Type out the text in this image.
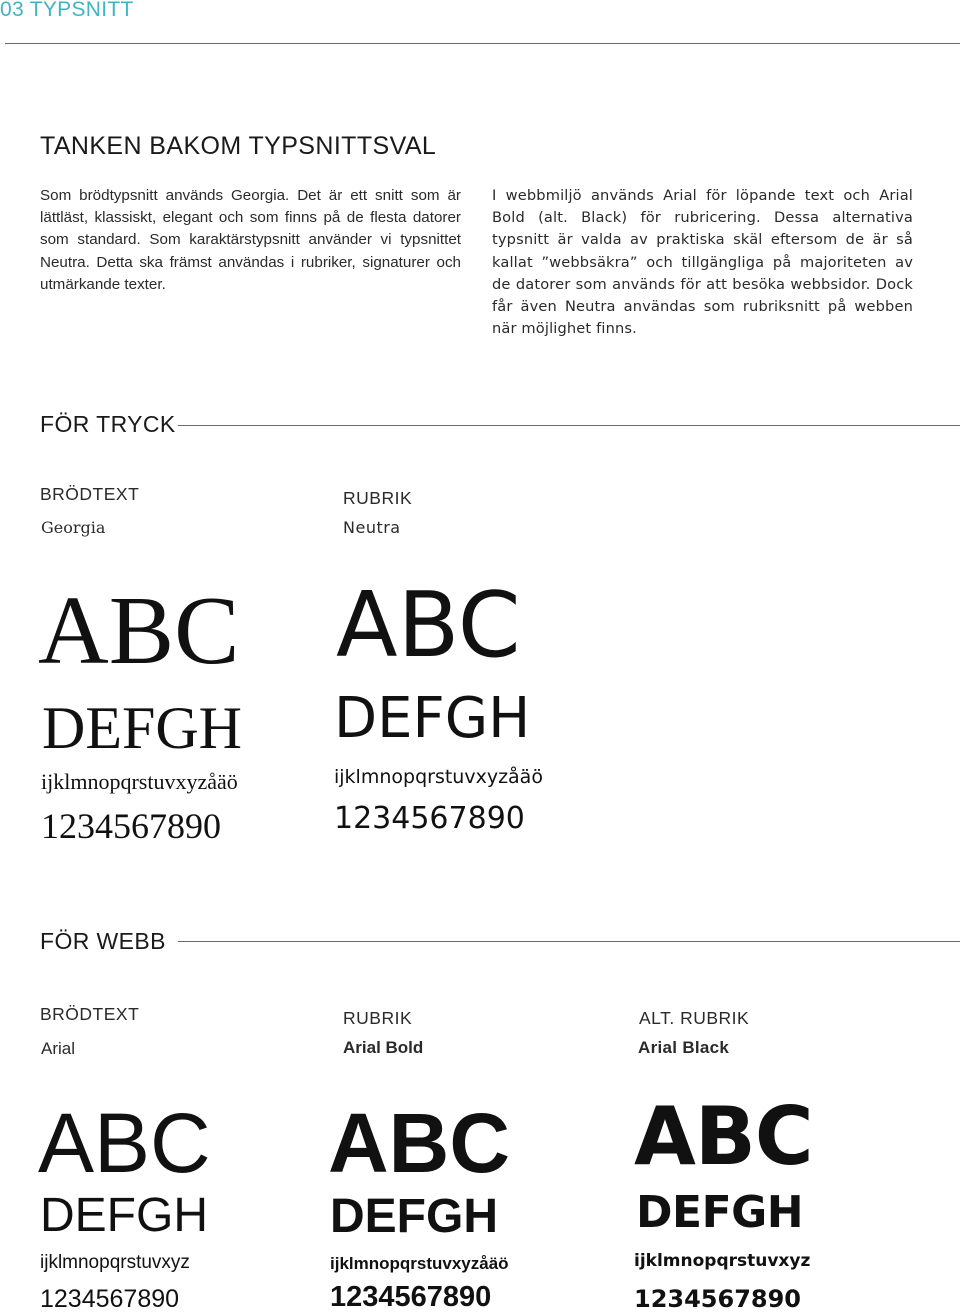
03 TYPSNITT
TANKEN BAKOM TYPSNITTSVAL
Som brödtypsnitt används Georgia. Det är ett snitt som är lättläst, klassiskt, elegant och som finns på de flesta datorer som standard. Som karaktärstypsnitt använder vi typsnittet Neutra. Detta ska främst användas i rubriker, signaturer och utmärkande texter.
I webbmiljö används Arial för löpande text och Arial Bold (alt. Black) för rubricering. Dessa alternativa typsnitt är valda av praktiska skäl eftersom de är så kallat ”webbsäkra” och tillgängliga på majoriteten av de datorer som används för att besöka webbsidor. Dock får även Neutra användas som rubriksnitt på webben när möjlighet finns.
FÖR TRYCK
BRÖDTEXT
Georgia
RUBRIK
Neutra
ABC
DEFGH
ijklmnopqrstuvxyzåäö
1234567890
ABC
DEFGH
ijklmnopqrstuvxyzåäö
1234567890
FÖR WEBB
BRÖDTEXT
Arial
RUBRIK
Arial Bold
ALT. RUBRIK
Arial Black
ABC
DEFGH
ijklmnopqrstuvxyz
1234567890
ABC
DEFGH
ijklmnopqrstuvxyzåäö
1234567890
ABC
DEFGH
ijklmnopqrstuvxyz
1234567890
